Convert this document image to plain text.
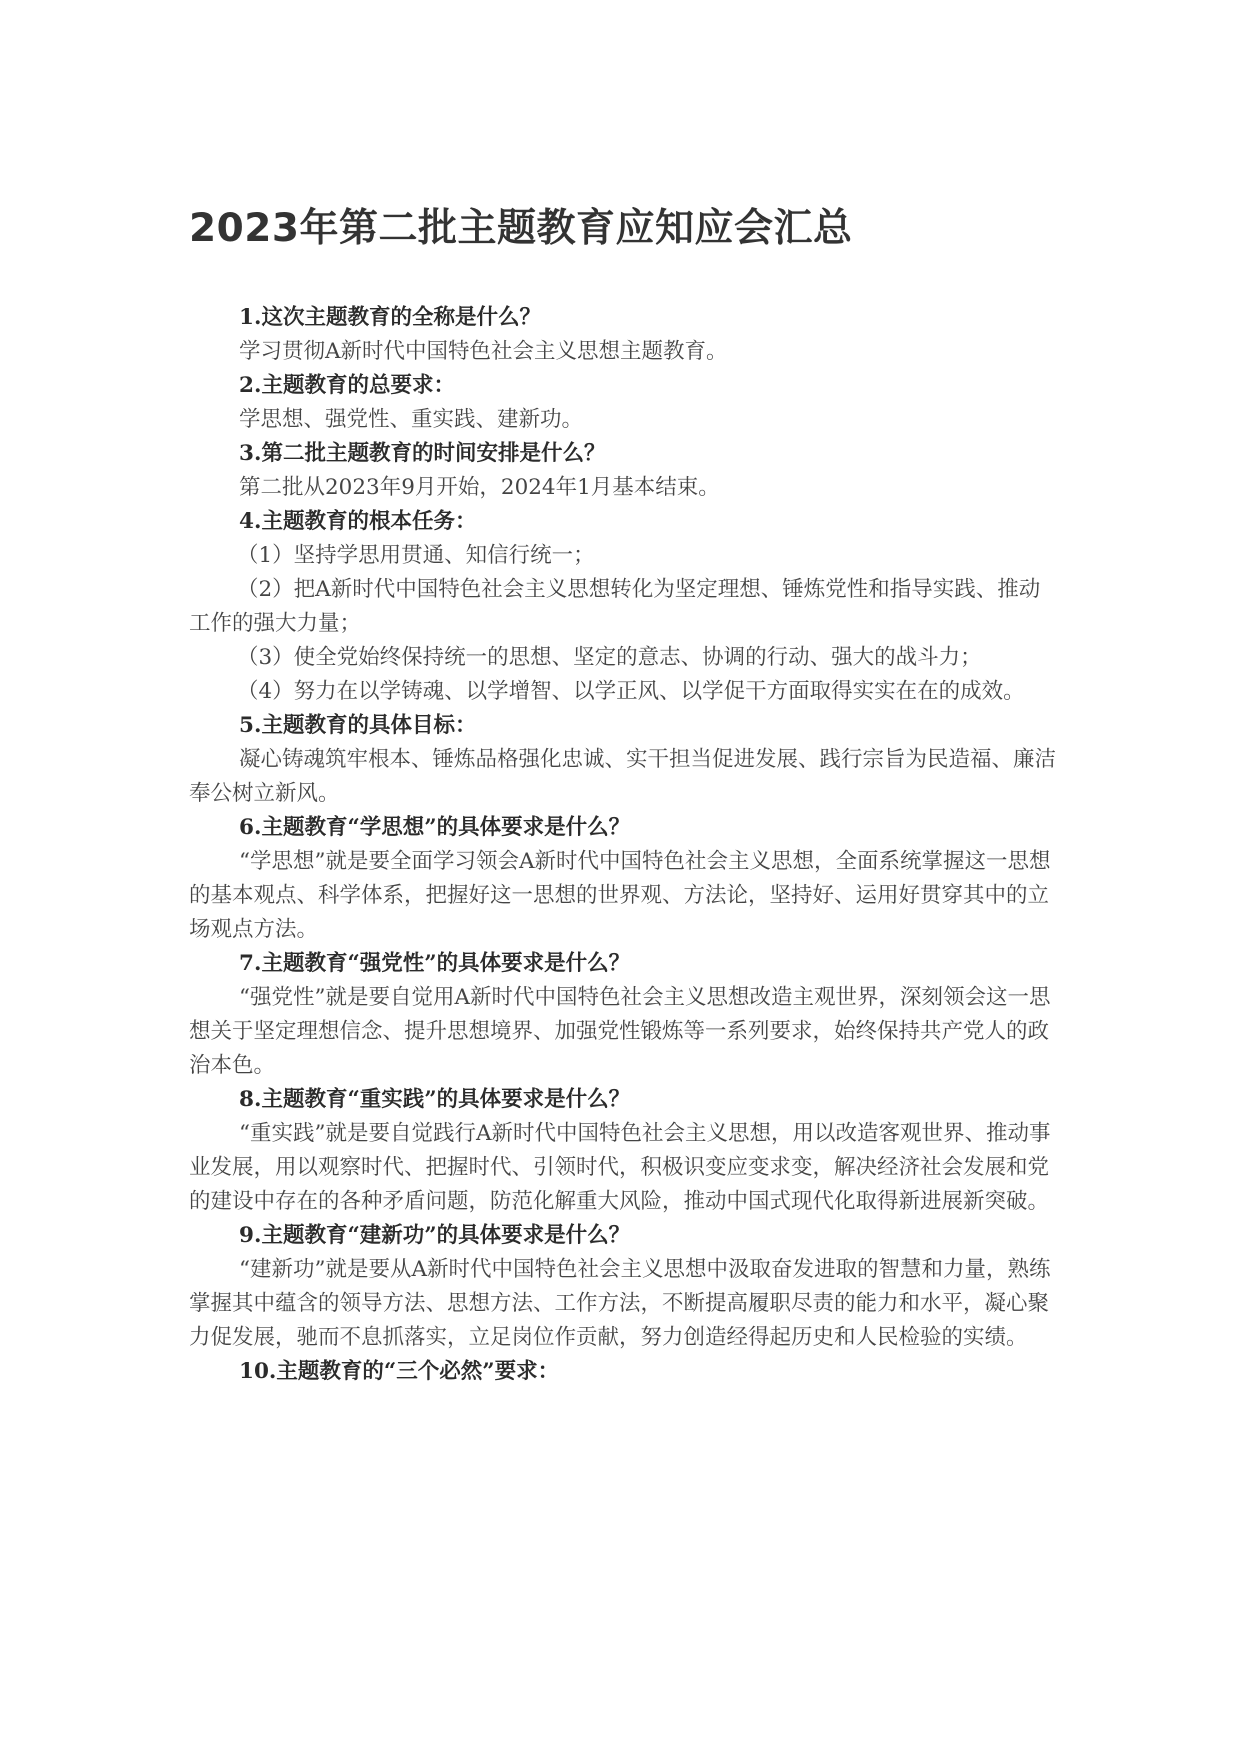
2023年第二批主题教育应知应会汇总

1.这次主题教育的全称是什么？

学习贯彻A新时代中国特色社会主义思想主题教育。

2.主题教育的总要求：

学思想、强党性、重实践、建新功。

3.第二批主题教育的时间安排是什么？

第二批从2023年9月开始，2024年1月基本结束。

4.主题教育的根本任务：

（1）坚持学思用贯通、知信行统一；

（2）把A新时代中国特色社会主义思想转化为坚定理想、锤炼党性和指导实践、推动工作的强大力量；

（3）使全党始终保持统一的思想、坚定的意志、协调的行动、强大的战斗力；

（4）努力在以学铸魂、以学增智、以学正风、以学促干方面取得实实在在的成效。

5.主题教育的具体目标：

凝心铸魂筑牢根本、锤炼品格强化忠诚、实干担当促进发展、践行宗旨为民造福、廉洁奉公树立新风。

6.主题教育“学思想”的具体要求是什么？

“学思想”就是要全面学习领会A新时代中国特色社会主义思想，全面系统掌握这一思想的基本观点、科学体系，把握好这一思想的世界观、方法论，坚持好、运用好贯穿其中的立场观点方法。

7.主题教育“强党性”的具体要求是什么？

“强党性”就是要自觉用A新时代中国特色社会主义思想改造主观世界，深刻领会这一思想关于坚定理想信念、提升思想境界、加强党性锻炼等一系列要求，始终保持共产党人的政治本色。

8.主题教育“重实践”的具体要求是什么？

“重实践”就是要自觉践行A新时代中国特色社会主义思想，用以改造客观世界、推动事业发展，用以观察时代、把握时代、引领时代，积极识变应变求变，解决经济社会发展和党的建设中存在的各种矛盾问题，防范化解重大风险，推动中国式现代化取得新进展新突破。

9.主题教育“建新功”的具体要求是什么？

“建新功”就是要从A新时代中国特色社会主义思想中汲取奋发进取的智慧和力量，熟练掌握其中蕴含的领导方法、思想方法、工作方法，不断提高履职尽责的能力和水平，凝心聚力促发展，驰而不息抓落实，立足岗位作贡献，努力创造经得起历史和人民检验的实绩。

10.主题教育的“三个必然”要求：
